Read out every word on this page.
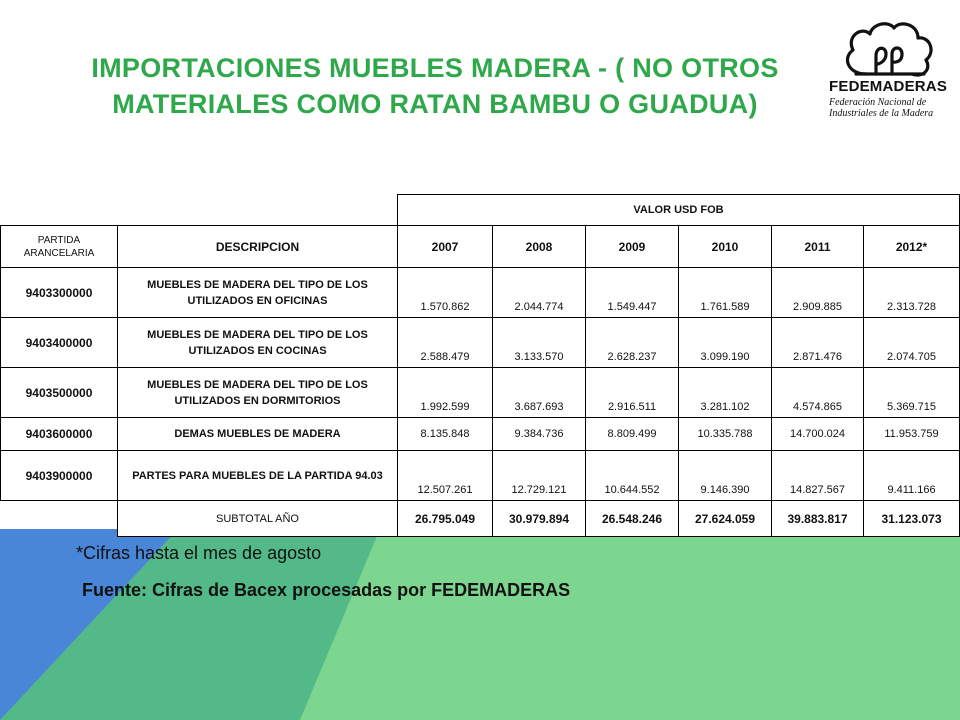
IMPORTACIONES MUEBLES MADERA - ( NO OTROS
MATERIALES COMO RATAN BAMBU O GUADUA)
FEDEMADERAS
Federación Nacional de
Industriales de la Madera
		VALOR USD FOB					
PARTIDA ARANCELARIA	DESCRIPCION	2007	2008	2009	2010	2011	2012*
9403300000	MUEBLES DE MADERA DEL TIPO DE LOS UTILIZADOS EN OFICINAS	1.570.862	2.044.774	1.549.447	1.761.589	2.909.885	2.313.728
9403400000	MUEBLES DE MADERA DEL TIPO DE LOS UTILIZADOS EN COCINAS	2.588.479	3.133.570	2.628.237	3.099.190	2.871.476	2.074.705
9403500000	MUEBLES DE MADERA DEL TIPO DE LOS UTILIZADOS EN DORMITORIOS	1.992.599	3.687.693	2.916.511	3.281.102	4.574.865	5.369.715
9403600000	DEMAS MUEBLES DE MADERA	8.135.848	9.384.736	8.809.499	10.335.788	14.700.024	11.953.759
9403900000	PARTES PARA MUEBLES DE LA PARTIDA 94.03	12.507.261	12.729.121	10.644.552	9.146.390	14.827.567	9.411.166
	SUBTOTAL AÑO	26.795.049	30.979.894	26.548.246	27.624.059	39.883.817	31.123.073
*Cifras hasta el mes de agosto
Fuente: Cifras de Bacex procesadas por FEDEMADERAS
